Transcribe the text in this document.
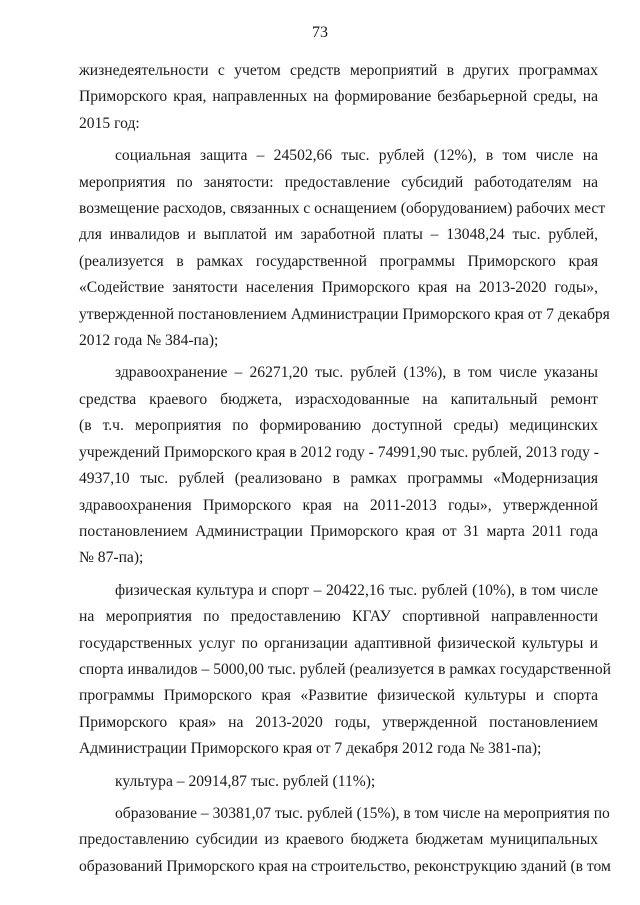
73

жизнедеятельности с учетом средств мероприятий в других программах
Приморского края, направленных на формирование безбарьерной среды, на
2015 год:

социальная защита – 24502,66 тыс. рублей (12%), в том числе на
мероприятия по занятости: предоставление субсидий работодателям на
возмещение расходов, связанных с оснащением (оборудованием) рабочих мест
для инвалидов и выплатой им заработной платы – 13048,24 тыс. рублей,
(реализуется в рамках государственной программы Приморского края
«Содействие занятости населения Приморского края на 2013-2020 годы»,
утвержденной постановлением Администрации Приморского края от 7 декабря
2012 года № 384-па);

здравоохранение – 26271,20 тыс. рублей (13%), в том числе указаны
средства краевого бюджета, израсходованные на капитальный ремонт
(в т.ч. мероприятия по формированию доступной среды) медицинских
учреждений Приморского края в 2012 году - 74991,90 тыс. рублей, 2013 году -
4937,10 тыс. рублей (реализовано в рамках программы «Модернизация
здравоохранения Приморского края на 2011-2013 годы», утвержденной
постановлением Администрации Приморского края от 31 марта 2011 года
№ 87-па);

физическая культура и спорт – 20422,16 тыс. рублей (10%), в том числе
на мероприятия по предоставлению КГАУ спортивной направленности
государственных услуг по организации адаптивной физической культуры и
спорта инвалидов – 5000,00 тыс. рублей (реализуется в рамках государственной
программы Приморского края «Развитие физической культуры и спорта
Приморского края» на 2013-2020 годы, утвержденной постановлением
Администрации Приморского края от 7 декабря 2012 года № 381-па);

культура – 20914,87 тыс. рублей (11%);

образование – 30381,07 тыс. рублей (15%), в том числе на мероприятия по
предоставлению субсидии из краевого бюджета бюджетам муниципальных
образований Приморского края на строительство, реконструкцию зданий (в том
